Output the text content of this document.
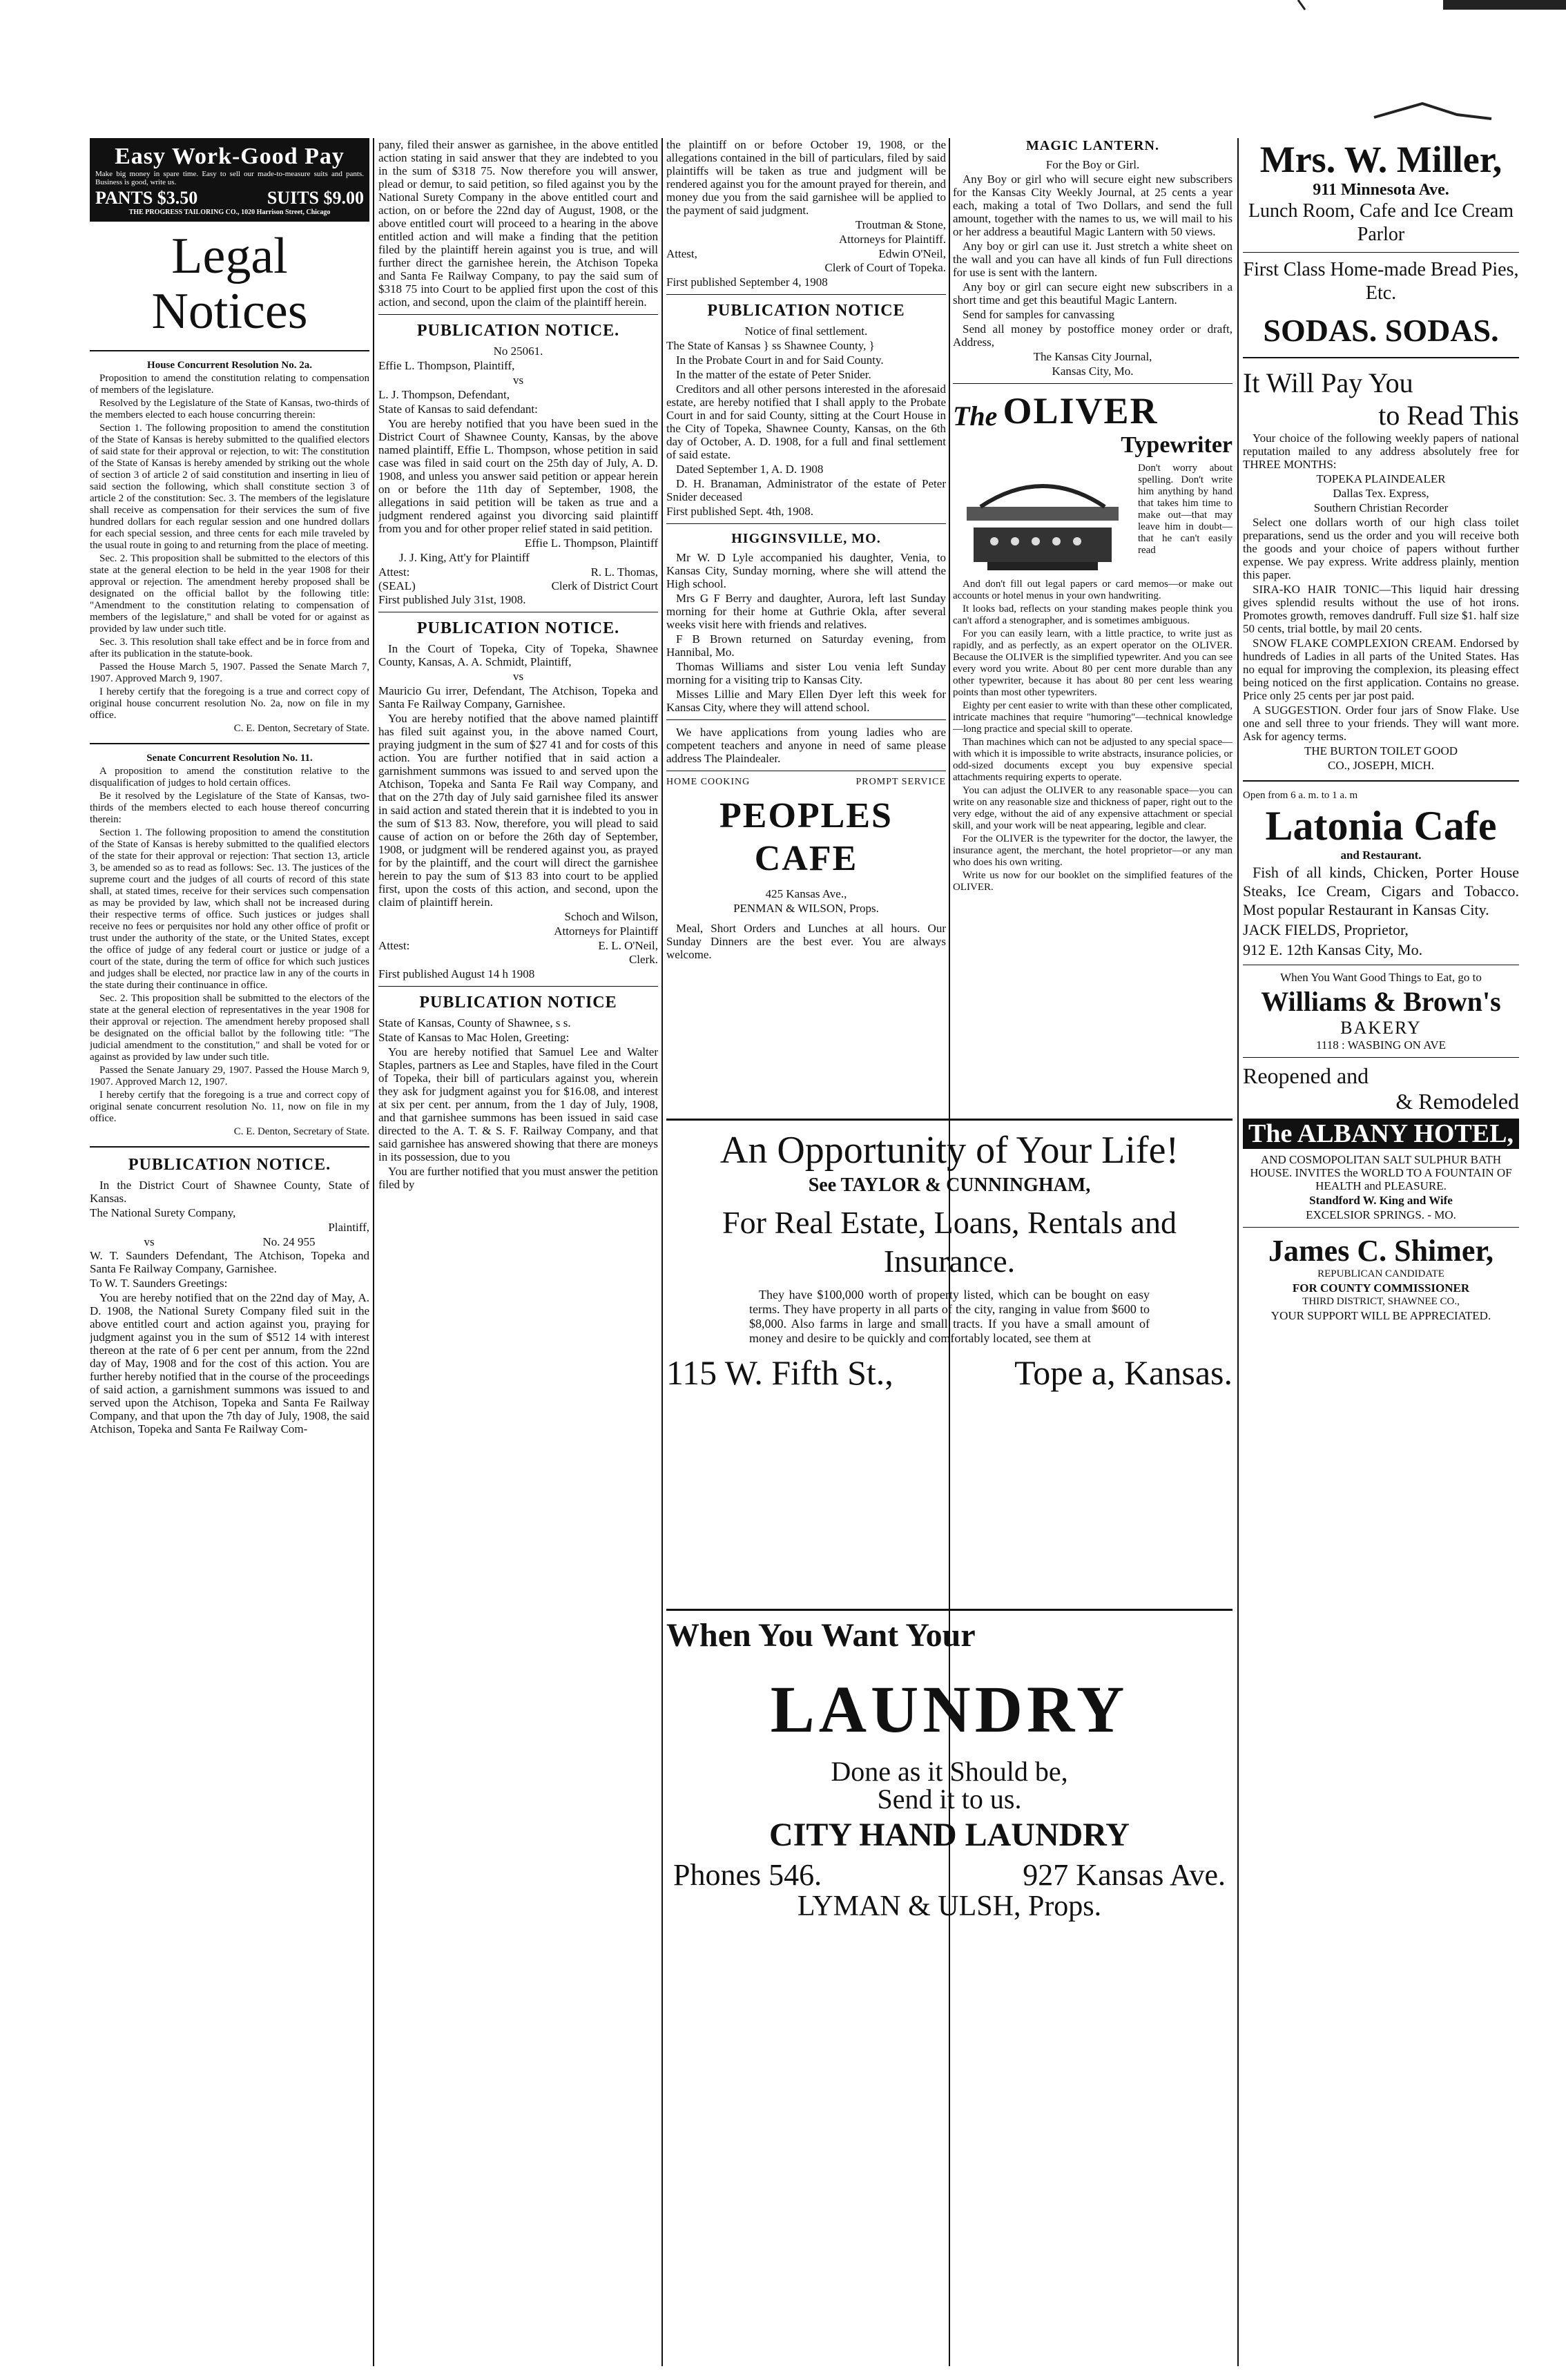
Easy Work-Good Pay

Make big money in spare time. Easy to sell our made-to-measure suits and pants. Business is good, write us.

PANTS $3.50	SUITS $9.00
THE PROGRESS TAILORING CO., 1020 Harrison Street, Chicago
Legal Notices

House Concurrent Resolution No. 2a.

Proposition to amend the constitution relating to compensation of members of the legislature.

Resolved by the Legislature of the State of Kansas, two-thirds of the members elected to each house concurring therein:

Section 1. The following proposition to amend the constitution of the State of Kansas is hereby submitted to the qualified electors of said state for their approval or rejection, to wit: The constitution of the State of Kansas is hereby amended by striking out the whole of section 3 of article 2 of said constitution and inserting in lieu of said section the following, which shall constitute section 3 of article 2 of the constitution: Sec. 3. The members of the legislature shall receive as compensation for their services the sum of five hundred dollars for each regular session and one hundred dollars for each special session, and three cents for each mile traveled by the usual route in going to and returning from the place of meeting.

Sec. 2. This proposition shall be submitted to the electors of this state at the general election to be held in the year 1908 for their approval or rejection. The amendment hereby proposed shall be designated on the official ballot by the following title: "Amendment to the constitution relating to compensation of members of the legislature," and shall be voted for or against as provided by law under such title.

Sec. 3. This resolution shall take effect and be in force from and after its publication in the statute-book.

Passed the House March 5, 1907. Passed the Senate March 7, 1907. Approved March 9, 1907.

I hereby certify that the foregoing is a true and correct copy of original house concurrent resolution No. 2a, now on file in my office.

C. E. Denton, Secretary of State.

Senate Concurrent Resolution No. 11.

A proposition to amend the constitution relative to the disqualification of judges to hold certain offices.

Be it resolved by the Legislature of the State of Kansas, two-thirds of the members elected to each house thereof concurring therein:

Section 1. The following proposition to amend the constitution of the State of Kansas is hereby submitted to the qualified electors of the state for their approval or rejection: That section 13, article 3, be amended so as to read as follows: Sec. 13. The justices of the supreme court and the judges of all courts of record of this state shall, at stated times, receive for their services such compensation as may be provided by law, which shall not be increased during their respective terms of office. Such justices or judges shall receive no fees or perquisites nor hold any other office of profit or trust under the authority of the state, or the United States, except the office of judge of any federal court or justice or judge of a court of the state, during the term of office for which such justices and judges shall be elected, nor practice law in any of the courts in the state during their continuance in office.

Sec. 2. This proposition shall be submitted to the electors of the state at the general election of representatives in the year 1908 for their approval or rejection. The amendment hereby proposed shall be designated on the official ballot by the following title: "The judicial amendment to the constitution," and shall be voted for or against as provided by law under such title.

Passed the Senate January 29, 1907. Passed the House March 9, 1907. Approved March 12, 1907.

I hereby certify that the foregoing is a true and correct copy of original senate concurrent resolution No. 11, now on file in my office.

C. E. Denton, Secretary of State.

PUBLICATION NOTICE.

In the District Court of Shawnee County, State of Kansas.

The National Surety Company,

Plaintiff,

vs	No. 24 955

W. T. Saunders Defendant, The Atchison, Topeka and Santa Fe Railway Company, Garnishee.

To W. T. Saunders Greetings:

You are hereby notified that on the 22nd day of May, A. D. 1908, the National Surety Company filed suit in the above entitled court and action against you, praying for judgment against you in the sum of $512 14 with interest thereon at the rate of 6 per cent per annum, from the 22nd day of May, 1908 and for the cost of this action. You are further hereby notified that in the course of the proceedings of said action, a garnishment summons was issued to and served upon the Atchison, Topeka and Santa Fe Railway Company, and that upon the 7th day of July, 1908, the said Atchison, Topeka and Santa Fe Railway Com-

pany, filed their answer as garnishee, in the above entitled action stating in said answer that they are indebted to you in the sum of $318 75. Now therefore you will answer, plead or demur, to said petition, so filed against you by the National Surety Company in the above entitled court and action, on or before the 22nd day of August, 1908, or the above entitled court will proceed to a hearing in the above entitled action and will make a finding that the petition filed by the plaintiff herein against you is true, and will further direct the garnishee herein, the Atchison Topeka and Santa Fe Railway Company, to pay the said sum of $318 75 into Court to be applied first upon the cost of this action, and second, upon the claim of the plaintiff herein.

PUBLICATION NOTICE.

No 25061.

Effie L. Thompson, Plaintiff,

vs

L. J. Thompson, Defendant,

State of Kansas to said defendant:

You are hereby notified that you have been sued in the District Court of Shawnee County, Kansas, by the above named plaintiff, Effie L. Thompson, whose petition in said case was filed in said court on the 25th day of July, A. D. 1908, and unless you answer said petition or appear herein on or before the 11th day of September, 1908, the allegations in said petition will be taken as true and a judgment rendered against you divorcing said plaintiff from you and for other proper relief stated in said petition.

Effie L. Thompson, Plaintiff

J. J. King, Att'y for Plaintiff

Attest:	R. L. Thomas,
(SEAL)	Clerk of District Court

First published July 31st, 1908.

PUBLICATION NOTICE.

In the Court of Topeka, City of Topeka, Shawnee County, Kansas, A. A. Schmidt, Plaintiff,

vs

Mauricio Gu irrer, Defendant, The Atchison, Topeka and Santa Fe Railway Company, Garnishee.

You are hereby notified that the above named plaintiff has filed suit against you, in the above named Court, praying judgment in the sum of $27 41 and for costs of this action. You are further notified that in said action a garnishment summons was issued to and served upon the Atchison, Topeka and Santa Fe Rail way Company, and that on the 27th day of July said garnishee filed its answer in said action and stated therein that it is indebted to you in the sum of $13 83. Now, therefore, you will plead to said cause of action on or before the 26th day of September, 1908, or judgment will be rendered against you, as prayed for by the plaintiff, and the court will direct the garnishee herein to pay the sum of $13 83 into court to be applied first, upon the costs of this action, and second, upon the claim of plaintiff herein.

Schoch and Wilson,

Attorneys for Plaintiff

Attest:	E. L. O'Neil,

Clerk.

First published August 14 h 1908

PUBLICATION NOTICE

State of Kansas, County of Shawnee, s s.

State of Kansas to Mac Holen, Greeting:

You are hereby notified that Samuel Lee and Walter Staples, partners as Lee and Staples, have filed in the Court of Topeka, their bill of particulars against you, wherein they ask for judgment against you for $16.08, and interest at six per cent. per annum, from the 1 day of July, 1908, and that garnishee summons has been issued in said case directed to the A. T. & S. F. Railway Company, and that said garnishee has answered showing that there are moneys in its possession, due to you

You are further notified that you must answer the petition filed by

the plaintiff on or before October 19, 1908, or the allegations contained in the bill of particulars, filed by said plaintiffs will be taken as true and judgment will be rendered against you for the amount prayed for therein, and money due you from the said garnishee will be applied to the payment of said judgment.

Troutman & Stone,

Attorneys for Plaintiff.

Attest,	Edwin O'Neil,

Clerk of Court of Topeka.

First published September 4, 1908

PUBLICATION NOTICE

Notice of final settlement.

The State of Kansas } ss Shawnee County, }

In the Probate Court in and for Said County.

In the matter of the estate of Peter Snider.

Creditors and all other persons interested in the aforesaid estate, are hereby notified that I shall apply to the Probate Court in and for said County, sitting at the Court House in the City of Topeka, Shawnee County, Kansas, on the 6th day of October, A. D. 1908, for a full and final settlement of said estate.

Dated September 1, A. D. 1908

D. H. Branaman, Administrator of the estate of Peter Snider deceased

First published Sept. 4th, 1908.

HIGGINSVILLE, MO.

Mr W. D Lyle accompanied his daughter, Venia, to Kansas City, Sunday morning, where she will attend the High school.

Mrs G F Berry and daughter, Aurora, left last Sunday morning for their home at Guthrie Okla, after several weeks visit here with friends and relatives.

F B Brown returned on Saturday evening, from Hannibal, Mo.

Thomas Williams and sister Lou venia left Sunday morning for a visiting trip to Kansas City.

Misses Lillie and Mary Ellen Dyer left this week for Kansas City, where they will attend school.

We have applications from young ladies who are competent teachers and anyone in need of same please address The Plaindealer.

HOME COOKING	PROMPT SERVICE
PEOPLES CAFE

425 Kansas Ave.,

PENMAN & WILSON, Props.

Meal, Short Orders and Lunches at all hours. Our Sunday Dinners are the best ever. You are always welcome.

MAGIC LANTERN.

For the Boy or Girl.

Any Boy or girl who will secure eight new subscribers for the Kansas City Weekly Journal, at 25 cents a year each, making a total of Two Dollars, and send the full amount, together with the names to us, we will mail to his or her address a beautiful Magic Lantern with 50 views.

Any boy or girl can use it. Just stretch a white sheet on the wall and you can have all kinds of fun Full directions for use is sent with the lantern.

Any boy or girl can secure eight new subscribers in a short time and get this beautiful Magic Lantern.

Send for samples for canvassing

Send all money by postoffice money order or draft, Address,

The Kansas City Journal,

Kansas City, Mo.

The OLIVER
Typewriter

Don't worry about spelling. Don't write him anything by hand that takes him time to make out—that may leave him in doubt—that he can't easily read

And don't fill out legal papers or card memos—or make out accounts or hotel menus in your own handwriting.

It looks bad, reflects on your standing makes people think you can't afford a stenographer, and is sometimes ambiguous.

For you can easily learn, with a little practice, to write just as rapidly, and as perfectly, as an expert operator on the OLIVER. Because the OLIVER is the simplified typewriter. And you can see every word you write. About 80 per cent more durable than any other typewriter, because it has about 80 per cent less wearing points than most other typewriters.

Eighty per cent easier to write with than these other complicated, intricate machines that require "humoring"—technical knowledge—long practice and special skill to operate.

Than machines which can not be adjusted to any special space—with which it is impossible to write abstracts, insurance policies, or odd-sized documents except you buy expensive special attachments requiring experts to operate.

You can adjust the OLIVER to any reasonable space—you can write on any reasonable size and thickness of paper, right out to the very edge, without the aid of any expensive attachment or special skill, and your work will be neat appearing, legible and clear.

For the OLIVER is the typewriter for the doctor, the lawyer, the insurance agent, the merchant, the hotel proprietor—or any man who does his own writing.

Write us now for our booklet on the simplified features of the OLIVER.

An Opportunity of Your Life!
See TAYLOR & CUNNINGHAM,
For Real Estate, Loans, Rentals and Insurance.

They have $100,000 worth of property listed, which can be bought on easy terms. They have property in all parts of the city, ranging in value from $600 to $8,000. Also farms in large and small tracts. If you have a small amount of money and desire to be quickly and comfortably located, see them at

115 W. Fifth St.,	Tope a, Kansas.
When You Want Your
LAUNDRY
Done as it Should be,
Send it to us.
CITY HAND LAUNDRY
Phones 546.	927 Kansas Ave.
LYMAN & ULSH, Props.
Mrs. W. Miller,
911 Minnesota Ave.
Lunch Room, Cafe and Ice Cream Parlor
First Class Home-made Bread Pies, Etc.
SODAS. SODAS.
It Will Pay You
to Read This

Your choice of the following weekly papers of national reputation mailed to any address absolutely free for THREE MONTHS:

TOPEKA PLAINDEALER

Dallas Tex. Express,

Southern Christian Recorder

Select one dollars worth of our high class toilet preparations, send us the order and you will receive both the goods and your choice of papers without further expense. We pay express. Write address plainly, mention this paper.

SIRA-KO HAIR TONIC—This liquid hair dressing gives splendid results without the use of hot irons. Promotes growth, removes dandruff. Full size $1. half size 50 cents, trial bottle, by mail 20 cents.

SNOW FLAKE COMPLEXION CREAM. Endorsed by hundreds of Ladies in all parts of the United States. Has no equal for improving the complexion, its pleasing effect being noticed on the first application. Contains no grease. Price only 25 cents per jar post paid.

A SUGGESTION. Order four jars of Snow Flake. Use one and sell three to your friends. They will want more. Ask for agency terms.

THE BURTON TOILET GOOD

CO., JOSEPH, MICH.

Open from 6 a. m. to 1 a. m

Latonia Cafe

and Restaurant.

Fish of all kinds, Chicken, Porter House Steaks, Ice Cream, Cigars and Tobacco. Most popular Restaurant in Kansas City.

JACK FIELDS, Proprietor,

912 E. 12th Kansas City, Mo.

When You Want Good Things to Eat, go to

Williams & Brown's
BAKERY

1118 : WASBING ON AVE

Reopened and
& Remodeled
The ALBANY HOTEL,

AND COSMOPOLITAN SALT SULPHUR BATH HOUSE. INVITES the WORLD TO A FOUNTAIN OF HEALTH and PLEASURE.

Standford W. King and Wife

EXCELSIOR SPRINGS. - MO.

James C. Shimer,

REPUBLICAN CANDIDATE

FOR COUNTY COMMISSIONER

THIRD DISTRICT, SHAWNEE CO.,

YOUR SUPPORT WILL BE APPRECIATED.
